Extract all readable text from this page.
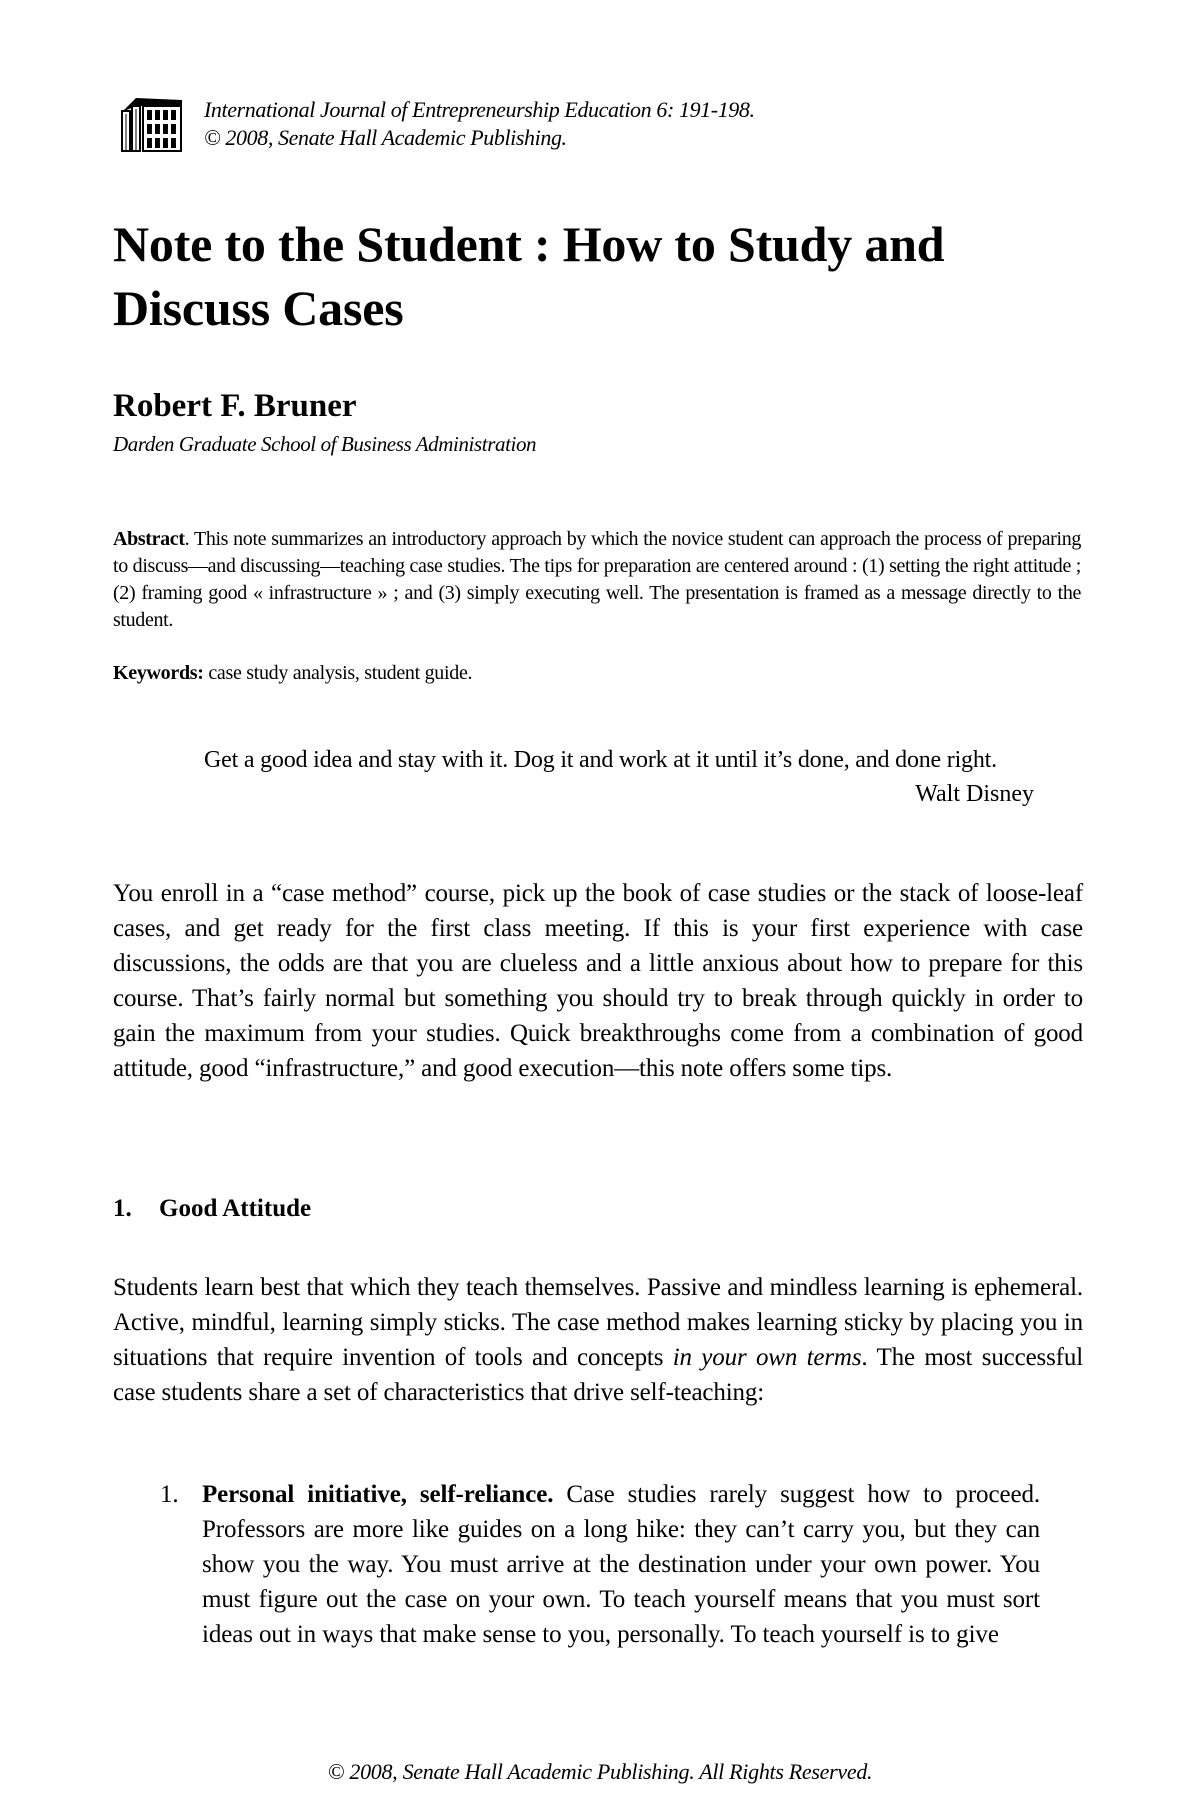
International Journal of Entrepreneurship Education 6: 191-198.
© 2008, Senate Hall Academic Publishing.
Note to the Student : How to Study and
Discuss Cases
Robert F. Bruner
Darden Graduate School of Business Administration
Abstract. This note summarizes an introductory approach by which the novice student can approach the process of preparing to discuss—and discussing—teaching case studies. The tips for preparation are centered around : (1) setting the right attitude ; (2) framing good « infrastructure » ; and (3) simply executing well. The presentation is framed as a message directly to the student.
Keywords: case study analysis, student guide.
Get a good idea and stay with it. Dog it and work at it until it’s done, and done right.
Walt Disney

You enroll in a “case method” course, pick up the book of case studies or the stack of loose-leaf cases, and get ready for the first class meeting. If this is your first experience with case discussions, the odds are that you are clueless and a little anxious about how to prepare for this course. That’s fairly normal but something you should try to break through quickly in order to gain the maximum from your studies. Quick breakthroughs come from a combination of good attitude, good “infrastructure,” and good execution—this note offers some tips.

1. Good Attitude

Students learn best that which they teach themselves. Passive and mindless learning is ephemeral. Active, mindful, learning simply sticks. The case method makes learning sticky by placing you in situations that require invention of tools and concepts in your own terms. The most successful case students share a set of characteristics that drive self-teaching:

1. Personal initiative, self-reliance. Case studies rarely suggest how to proceed. Professors are more like guides on a long hike: they can’t carry you, but they can show you the way. You must arrive at the destination under your own power. You must figure out the case on your own. To teach yourself means that you must sort ideas out in ways that make sense to you, personally. To teach yourself is to give
© 2008, Senate Hall Academic Publishing. All Rights Reserved.
